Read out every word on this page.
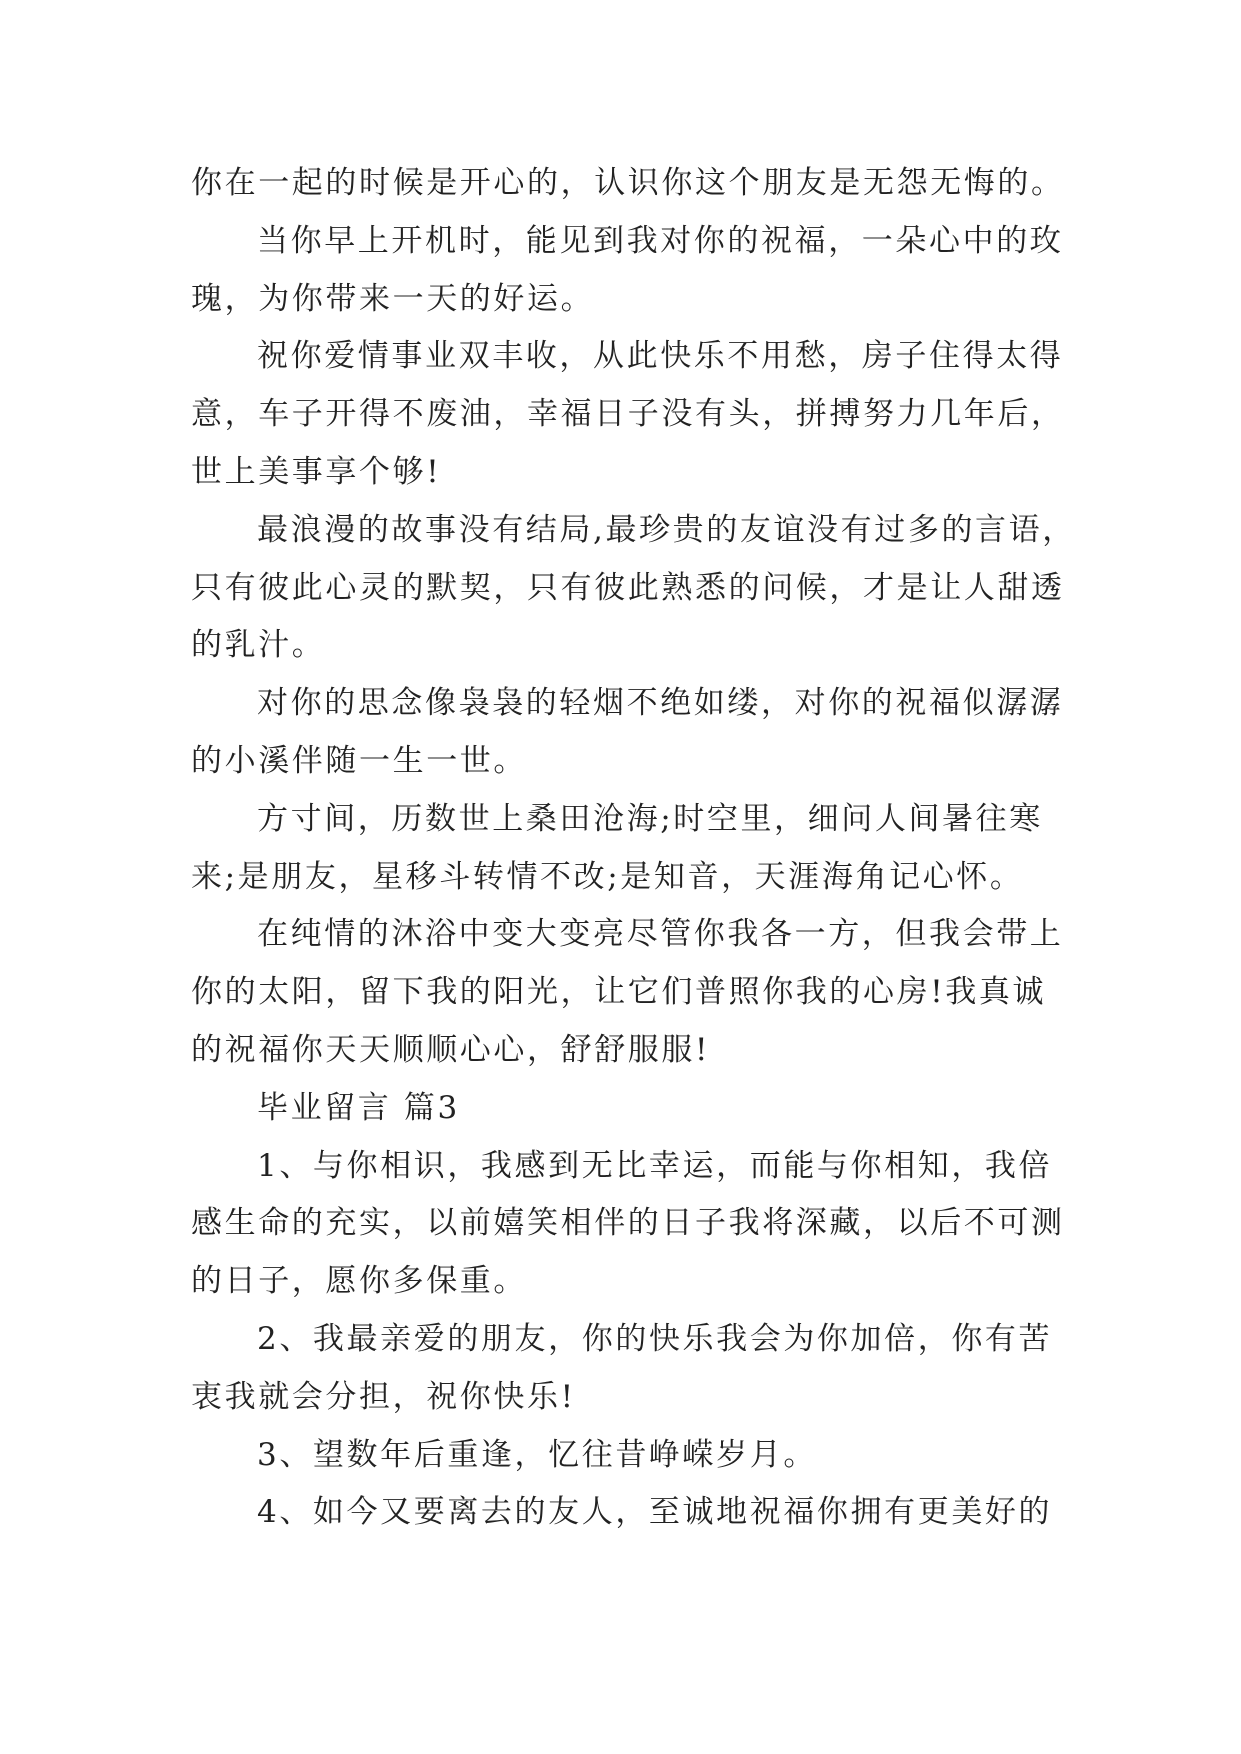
你在一起的时候是开心的，认识你这个朋友是无怨无悔的。
当你早上开机时，能见到我对你的祝福，一朵心中的玫
瑰，为你带来一天的好运。
祝你爱情事业双丰收，从此快乐不用愁，房子住得太得
意，车子开得不废油，幸福日子没有头，拼搏努力几年后，
世上美事享个够!
最浪漫的故事没有结局,最珍贵的友谊没有过多的言语，
只有彼此心灵的默契，只有彼此熟悉的问候，才是让人甜透
的乳汁。
对你的思念像袅袅的轻烟不绝如缕，对你的祝福似潺潺
的小溪伴随一生一世。
方寸间，历数世上桑田沧海;时空里，细问人间暑往寒
来;是朋友，星移斗转情不改;是知音，天涯海角记心怀。
在纯情的沐浴中变大变亮尽管你我各一方，但我会带上
你的太阳，留下我的阳光，让它们普照你我的心房!我真诚
的祝福你天天顺顺心心，舒舒服服!
毕业留言 篇3
1、与你相识，我感到无比幸运，而能与你相知，我倍
感生命的充实，以前嬉笑相伴的日子我将深藏，以后不可测
的日子，愿你多保重。
2、我最亲爱的朋友，你的快乐我会为你加倍，你有苦
衷我就会分担，祝你快乐!
3、望数年后重逢，忆往昔峥嵘岁月。
4、如今又要离去的友人，至诚地祝福你拥有更美好的
